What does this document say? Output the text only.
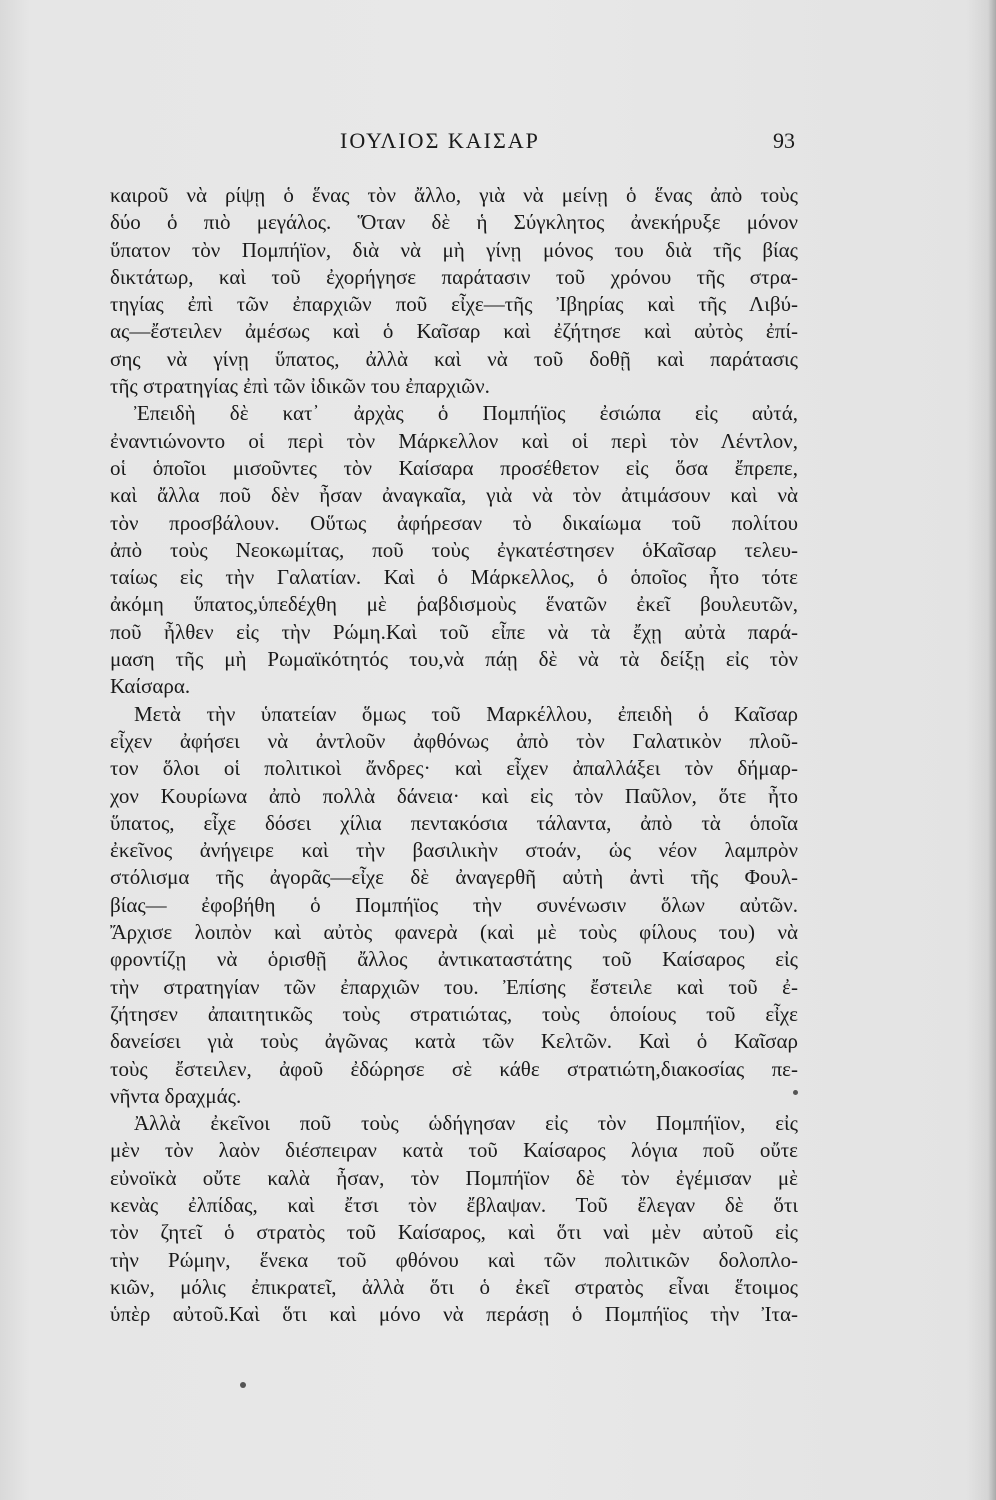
ΙΟΥΛΙΟΣ ΚΑΙΣΑΡ	93
καιροῦ νὰ ρίψῃ ὁ ἕνας τὸν ἄλλο, γιὰ νὰ μείνῃ ὁ ἕνας ἀπὸ τοὺς
δύο ὁ πιὸ μεγάλος. Ὅταν δὲ ἡ Σύγκλητος ἀνεκήρυξε μόνον
ὕπατον τὸν Πομπήϊον, διὰ νὰ μὴ γίνῃ μόνος του διὰ τῆς βίας
δικτάτωρ, καὶ τοῦ ἐχορήγησε παράτασιν τοῦ χρόνου τῆς στρα-
τηγίας ἐπὶ τῶν ἐπαρχιῶν ποῦ εἶχε—τῆς Ἰβηρίας καὶ τῆς Λιβύ-
ας—ἔστειλεν ἀμέσως καὶ ὁ Καῖσαρ καὶ ἐζήτησε καὶ αὐτὸς ἐπί-
σης νὰ γίνῃ ὕπατος, ἀλλὰ καὶ νὰ τοῦ δοθῇ καὶ παράτασις
τῆς στρατηγίας ἐπὶ τῶν ἰδικῶν του ἐπαρχιῶν.
Ἐπειδὴ δὲ κατ᾽ ἀρχὰς ὁ Πομπήϊος ἐσιώπα εἰς αὐτά,
ἐναντιώνοντο οἱ περὶ τὸν Μάρκελλον καὶ οἱ περὶ τὸν Λέντλον,
οἱ ὁποῖοι μισοῦντες τὸν Καίσαρα προσέθετον εἰς ὅσα ἔπρεπε,
καὶ ἄλλα ποῦ δὲν ἦσαν ἀναγκαῖα, γιὰ νὰ τὸν ἀτιμάσουν καὶ νὰ
τὸν προσβάλουν. Οὕτως ἀφήρεσαν τὸ δικαίωμα τοῦ πολίτου
ἀπὸ τοὺς Νεοκωμίτας, ποῦ τοὺς ἐγκατέστησεν ὁΚαῖσαρ τελευ-
ταίως εἰς τὴν Γαλατίαν. Καὶ ὁ Μάρκελλος, ὁ ὁποῖος ἦτο τότε
ἀκόμη ὕπατος,ὑπεδέχθη μὲ ῥαβδισμοὺς ἕνατῶν ἐκεῖ βουλευτῶν,
ποῦ ἦλθεν εἰς τὴν Ρώμη.Καὶ τοῦ εἶπε νὰ τὰ ἔχῃ αὐτὰ παρά-
μαση τῆς μὴ Ρωμαϊκότητός του,νὰ πάῃ δὲ νὰ τὰ δείξῃ εἰς τὸν
Καίσαρα.
Μετὰ τὴν ὑπατείαν ὅμως τοῦ Μαρκέλλου, ἐπειδὴ ὁ Καῖσαρ
εἶχεν ἀφήσει νὰ ἀντλοῦν ἀφθόνως ἀπὸ τὸν Γαλατικὸν πλοῦ-
τον ὅλοι οἱ πολιτικοὶ ἄνδρες· καὶ εἶχεν ἀπαλλάξει τὸν δήμαρ-
χον Κουρίωνα ἀπὸ πολλὰ δάνεια· καὶ εἰς τὸν Παῦλον, ὅτε ἦτο
ὕπατος, εἶχε δόσει χίλια πεντακόσια τάλαντα, ἀπὸ τὰ ὁποῖα
ἐκεῖνος ἀνήγειρε καὶ τὴν βασιλικὴν στοάν, ὡς νέον λαμπρὸν
στόλισμα τῆς ἀγορᾶς—εἶχε δὲ ἀναγερθῆ αὐτὴ ἀντὶ τῆς Φουλ-
βίας— ἐφοβήθη ὁ Πομπήϊος τὴν συνένωσιν ὅλων αὐτῶν.
Ἄρχισε λοιπὸν καὶ αὐτὸς φανερὰ (καὶ μὲ τοὺς φίλους του) νὰ
φροντίζῃ νὰ ὁρισθῇ ἄλλος ἀντικαταστάτης τοῦ Καίσαρος εἰς
τὴν στρατηγίαν τῶν ἐπαρχιῶν του. Ἐπίσης ἔστειλε καὶ τοῦ ἐ-
ζήτησεν ἀπαιτητικῶς τοὺς στρατιώτας, τοὺς ὁποίους τοῦ εἶχε
δανείσει γιὰ τοὺς ἀγῶνας κατὰ τῶν Κελτῶν. Καὶ ὁ Καῖσαρ
τοὺς ἔστειλεν, ἀφοῦ ἐδώρησε σὲ κάθε στρατιώτη,διακοσίας πε-
νῆντα δραχμάς.
Ἀλλὰ ἐκεῖνοι ποῦ τοὺς ὡδήγησαν εἰς τὸν Πομπήϊον, εἰς
μὲν τὸν λαὸν διέσπειραν κατὰ τοῦ Καίσαρος λόγια ποῦ οὔτε
εὐνοϊκὰ οὔτε καλὰ ἦσαν, τὸν Πομπήϊον δὲ τὸν ἐγέμισαν μὲ
κενὰς ἐλπίδας, καὶ ἔτσι τὸν ἔβλαψαν. Τοῦ ἔλεγαν δὲ ὅτι
τὸν ζητεῖ ὁ στρατὸς τοῦ Καίσαρος, καὶ ὅτι ναὶ μὲν αὐτοῦ εἰς
τὴν Ρώμην, ἕνεκα τοῦ φθόνου καὶ τῶν πολιτικῶν δολοπλο-
κιῶν, μόλις ἐπικρατεῖ, ἀλλὰ ὅτι ὁ ἐκεῖ στρατὸς εἶναι ἕτοιμος
ὑπὲρ αὐτοῦ.Καὶ ὅτι καὶ μόνο νὰ περάσῃ ὁ Πομπήϊος τὴν Ἰτα-
